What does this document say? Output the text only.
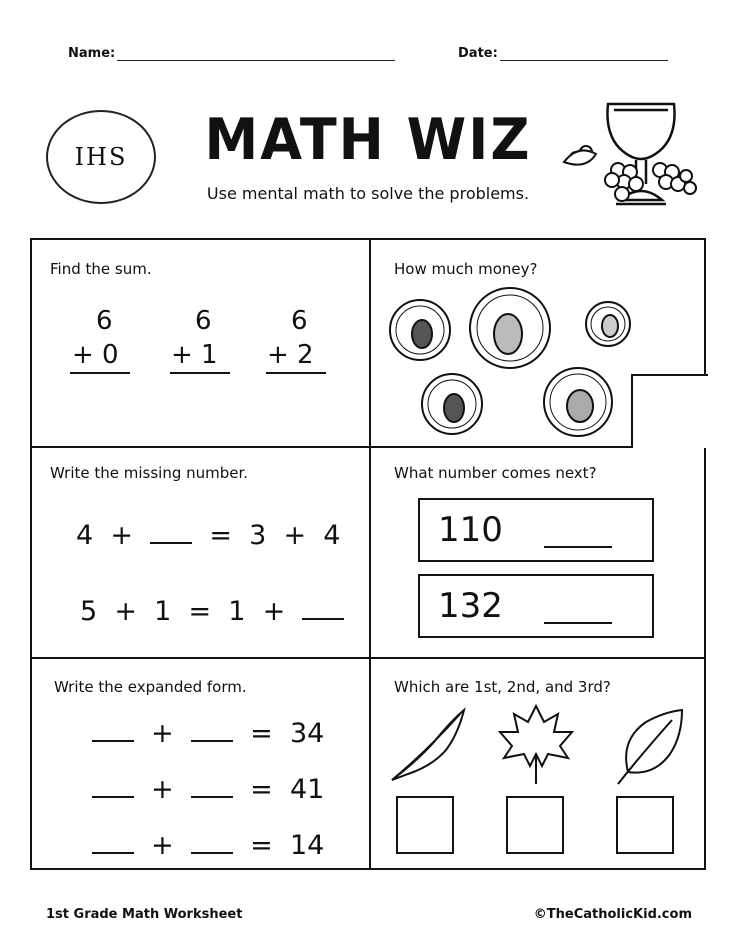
Name:	Date:
IHS	MATH WIZ
Use mental math to solve the problems.
Find the sum.
6
+ 0
6
+ 1
6
+ 2
How much money?
Write the missing number.
4  +	=  3  +  4
5  +  1  =  1  +
What number comes next?
110
132
Write the expanded form.
+	= 34
+	= 41
+	= 14
Which are 1st, 2nd, and 3rd?
1st Grade Math Worksheet	©TheCatholicKid.com
